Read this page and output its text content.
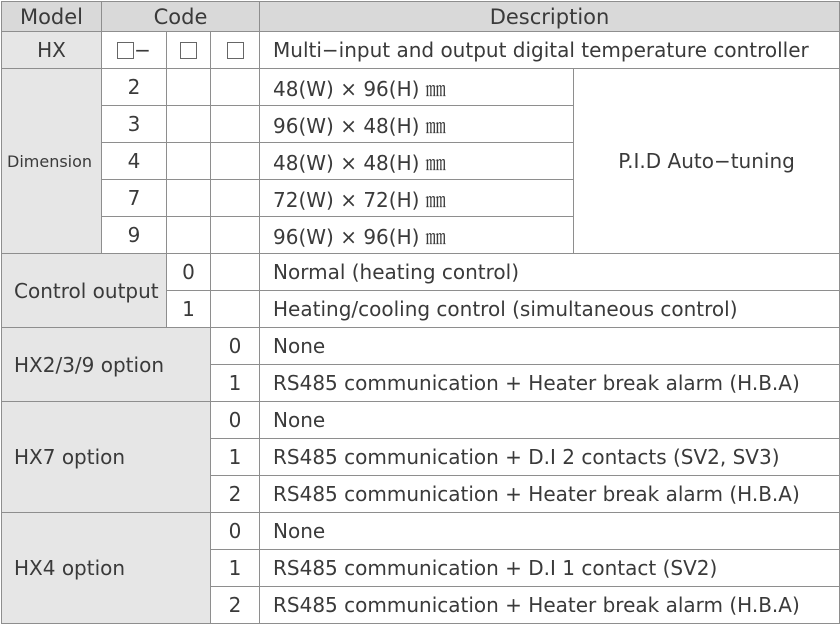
Model	Code			Description	
HX	−			Multi−input and output digital temperature controller	
Dimension	2			48(W) × 96(H) ㎜	P.I.D Auto−tuning
	3			96(W) × 48(H) ㎜	
	4			48(W) × 48(H) ㎜	
	7			72(W) × 72(H) ㎜	
	9			96(W) × 96(H) ㎜	
Control output		0		Normal (heating control)	
		1		Heating/cooling control (simultaneous control)	
HX2/3/9 option			0	None	
			1	RS485 communication + Heater break alarm (H.B.A)	
HX7 option			0	None	
			1	RS485 communication + D.I 2 contacts (SV2, SV3)	
			2	RS485 communication + Heater break alarm (H.B.A)	
HX4 option			0	None	
			1	RS485 communication + D.I 1 contact (SV2)	
			2	RS485 communication + Heater break alarm (H.B.A)	
